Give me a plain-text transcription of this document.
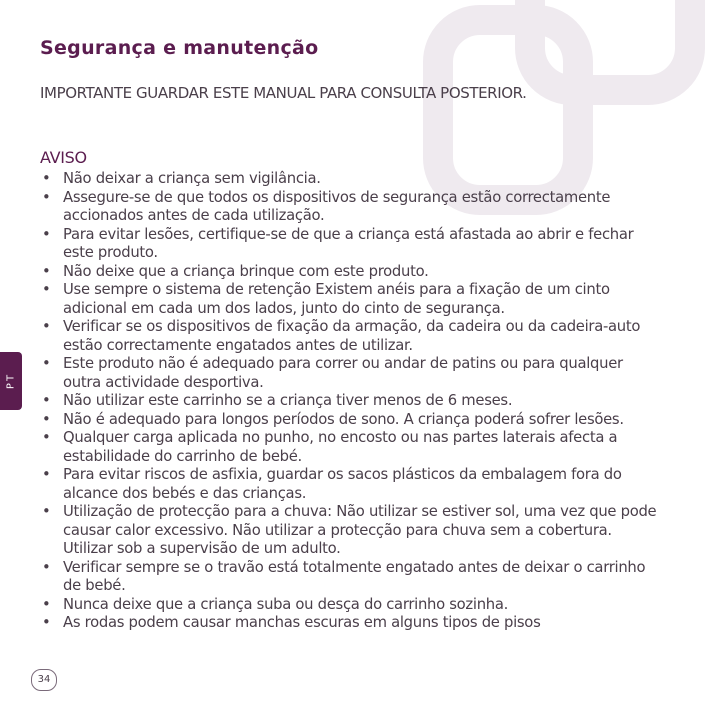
PT
Segurança e manutenção
IMPORTANTE GUARDAR ESTE MANUAL PARA CONSULTA POSTERIOR.
AVISO
• Não deixar a criança sem vigilância.
• Assegure-se de que todos os dispositivos de segurança estão correctamente accionados antes de cada utilização.
• Para evitar lesões, certifique-se de que a criança está afastada ao abrir e fechar este produto.
• Não deixe que a criança brinque com este produto.
• Use sempre o sistema de retenção Existem anéis para a fixação de um cinto adicional em cada um dos lados, junto do cinto de segurança.
• Verificar se os dispositivos de fixação da armação, da cadeira ou da cadeira-auto estão correctamente engatados antes de utilizar.
• Este produto não é adequado para correr ou andar de patins ou para qualquer outra actividade desportiva.
• Não utilizar este carrinho se a criança tiver menos de 6 meses.
• Não é adequado para longos períodos de sono. A criança poderá sofrer lesões.
• Qualquer carga aplicada no punho, no encosto ou nas partes laterais afecta a estabilidade do carrinho de bebé.
• Para evitar riscos de asfixia, guardar os sacos plásticos da embalagem fora do alcance dos bebés e das crianças.
• Utilização de protecção para a chuva: Não utilizar se estiver sol, uma vez que pode causar calor excessivo. Não utilizar a protecção para chuva sem a cobertura. Utilizar sob a supervisão de um adulto.
• Verificar sempre se o travão está totalmente engatado antes de deixar o carrinho de bebé.
• Nunca deixe que a criança suba ou desça do carrinho sozinha.
• As rodas podem causar manchas escuras em alguns tipos de pisos
34
